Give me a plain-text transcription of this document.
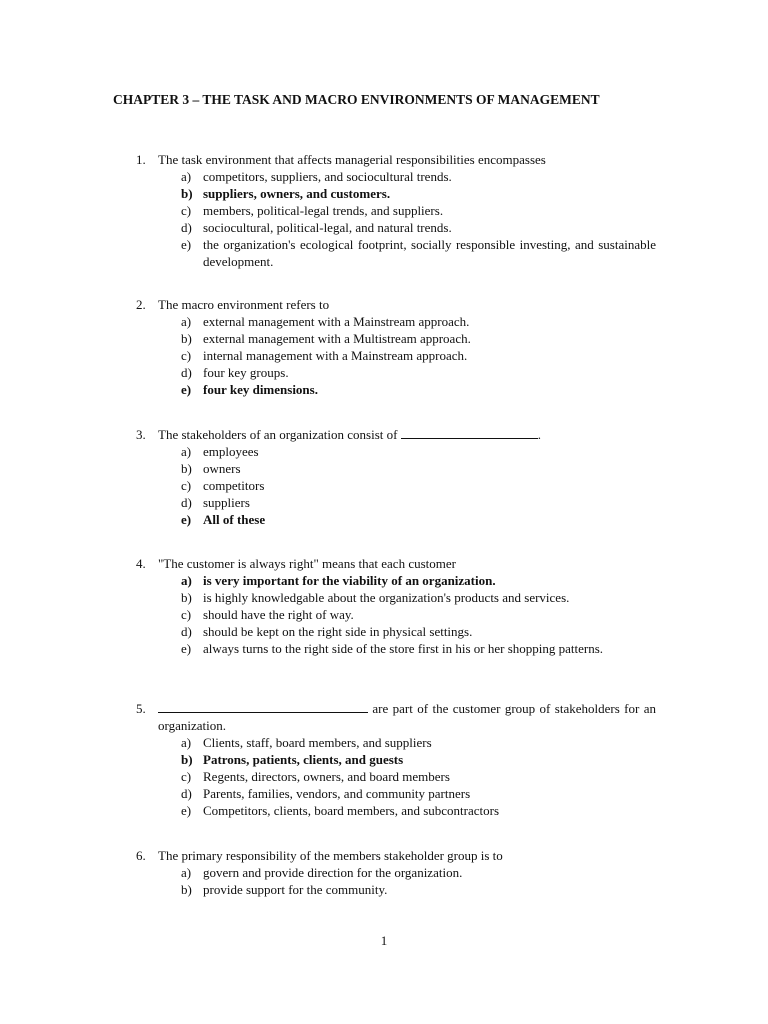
CHAPTER 3 – THE TASK AND MACRO ENVIRONMENTS OF MANAGEMENT
1. The task environment that affects managerial responsibilities encompasses
a) competitors, suppliers, and sociocultural trends.
b) suppliers, owners, and customers.
c) members, political-legal trends, and suppliers.
d) sociocultural, political-legal, and natural trends.
e) the organization's ecological footprint, socially responsible investing, and sustainable development.
2. The macro environment refers to
a) external management with a Mainstream approach.
b) external management with a Multistream approach.
c) internal management with a Mainstream approach.
d) four key groups.
e) four key dimensions.
3. The stakeholders of an organization consist of	.
a) employees
b) owners
c) competitors
d) suppliers
e) All of these
4. "The customer is always right" means that each customer
a) is very important for the viability of an organization.
b) is highly knowledgable about the organization's products and services.
c) should have the right of way.
d) should be kept on the right side in physical settings.
e) always turns to the right side of the store first in his or her shopping patterns.
5.	are part of the customer group of stakeholders for an organization.
a) Clients, staff, board members, and suppliers
b) Patrons, patients, clients, and guests
c) Regents, directors, owners, and board members
d) Parents, families, vendors, and community partners
e) Competitors, clients, board members, and subcontractors
6. The primary responsibility of the members stakeholder group is to
a) govern and provide direction for the organization.
b) provide support for the community.
1
